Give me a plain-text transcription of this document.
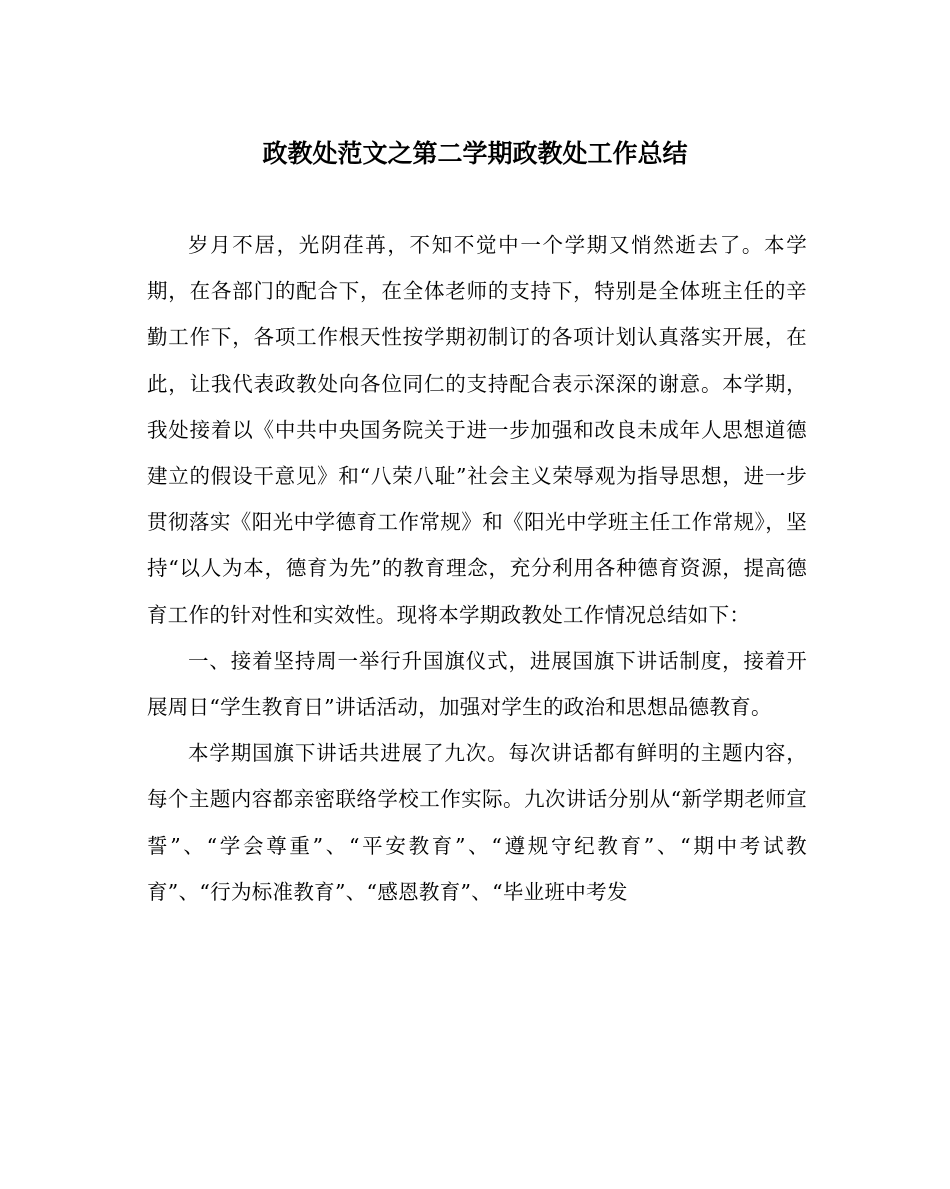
政教处范文之第二学期政教处工作总结

岁月不居，光阴荏苒，不知不觉中一个学期又悄然逝去了。本学期，在各部门的配合下，在全体老师的支持下，特别是全体班主任的辛勤工作下，各项工作根天性按学期初制订的各项计划认真落实开展，在此，让我代表政教处向各位同仁的支持配合表示深深的谢意。本学期，我处接着以《中共中央国务院关于进一步加强和改良未成年人思想道德建立的假设干意见》和“八荣八耻”社会主义荣辱观为指导思想，进一步贯彻落实《阳光中学德育工作常规》和《阳光中学班主任工作常规》，坚持“以人为本，德育为先”的教育理念，充分利用各种德育资源，提高德育工作的针对性和实效性。现将本学期政教处工作情况总结如下：

一、接着坚持周一举行升国旗仪式，进展国旗下讲话制度，接着开展周日“学生教育日”讲话活动，加强对学生的政治和思想品德教育。

本学期国旗下讲话共进展了九次。每次讲话都有鲜明的主题内容，每个主题内容都亲密联络学校工作实际。九次讲话分别从“新学期老师宣誓”、“学会尊重”、“平安教育”、“遵规守纪教育”、“期中考试教育”、“行为标准教育”、“感恩教育”、“毕业班中考发
